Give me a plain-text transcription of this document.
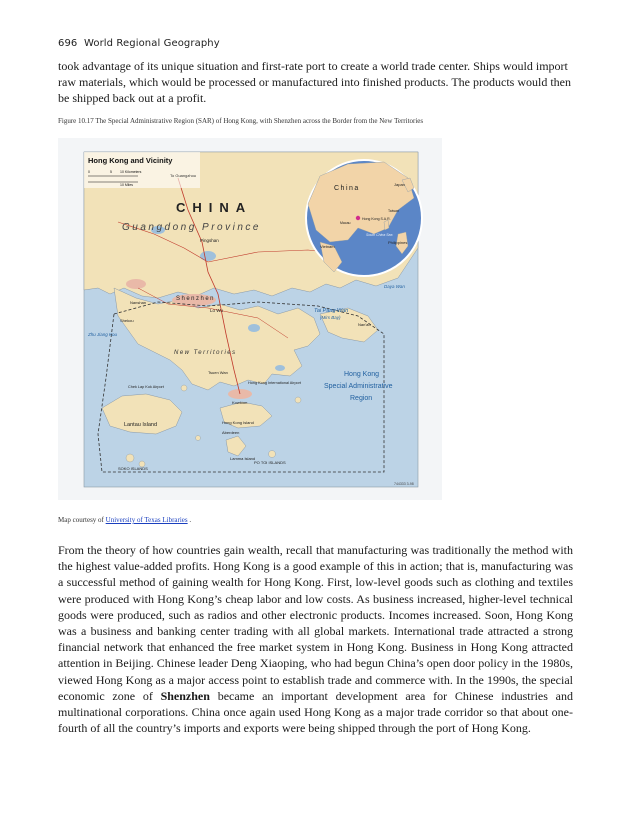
696 World Regional Geography

took advantage of its unique situation and first-rate port to create a world trade center. Ships would import raw materials, which would be processed or manufactured into finished products. The products would then be shipped back out at a profit.

Figure 10.17 The Special Administrative Region (SAR) of Hong Kong, with Shenzhen across the Border from the New Territories
Hong Kong and Vicinity
0	5 10 Kilometers
10 Miles
To Guangzhou
CHINA
Guangdong Province
Pingshan
Shenzhen
Lo Wu
New Territories
Hong Kong
Special Administrative
Region
Lantau Island
Tai Pang Wan
(Mirs Bay)
Daya Wan
Zhu Jiang Kou
Nanshan
Shekou
Tsuen Wan
Kowloon
Hong Kong Island
Aberdeen
Lamma Island
SOKO ISLANDS
PO TOI ISLANDS
Chek Lap Kok Airport
Hong Kong International Airport
Nan'ao
744333 3-98
China
Japan
Hong Kong S.A.R.
Taiwan
South China Sea
Vietnam
Philippines
Macau
Map courtesy of University of Texas Libraries .

From the theory of how countries gain wealth, recall that manufacturing was traditionally the method with the highest value-added profits. Hong Kong is a good example of this in action; that is, manufacturing was a successful method of gaining wealth for Hong Kong. First, low-level goods such as clothing and textiles were produced with Hong Kong’s cheap labor and low costs. As business increased, higher-level technical goods were produced, such as radios and other electronic products. Incomes increased. Soon, Hong Kong was a business and banking center trading with all global markets. International trade attracted a strong financial network that enhanced the free market system in Hong Kong. Business in Hong Kong attracted attention in Beijing. Chinese leader Deng Xiaoping, who had begun China’s open door policy in the 1980s, viewed Hong Kong as a major access point to establish trade and commerce with. In the 1990s, the special economic zone of Shenzhen became an important development area for Chinese industries and multinational corporations. China once again used Hong Kong as a major trade corridor so that about one-fourth of all the country’s imports and exports were being shipped through the port of Hong Kong.
